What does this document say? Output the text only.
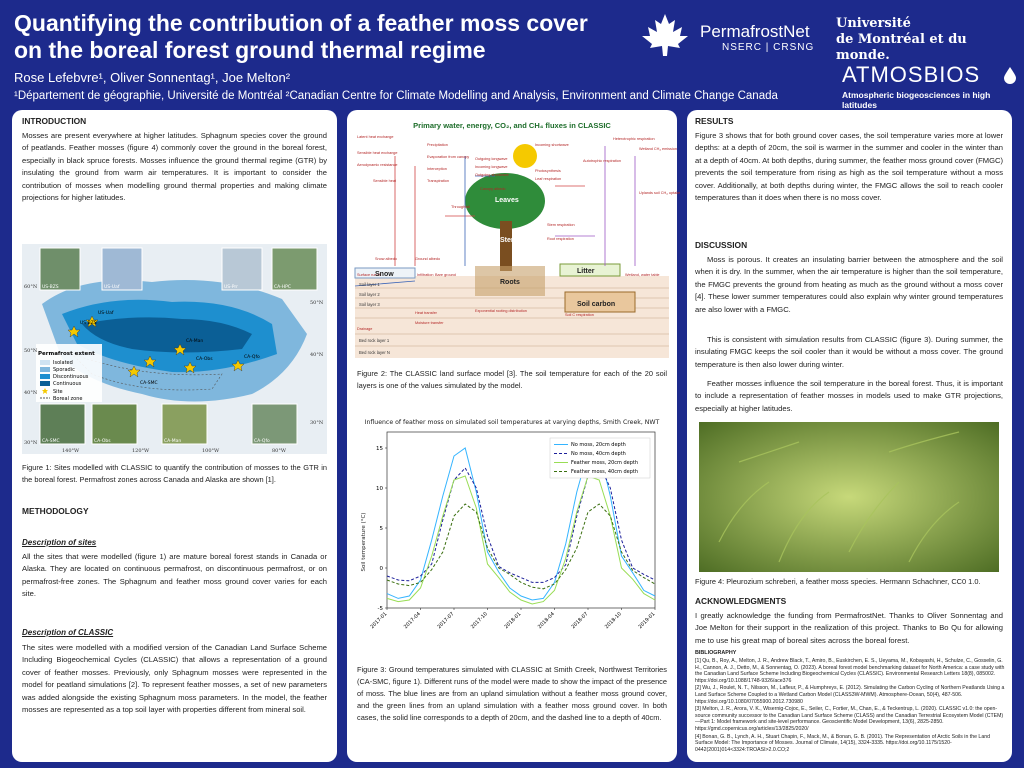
Quantifying the contribution of a feather moss cover
on the boreal forest ground thermal regime
Rose Lefebvre¹, Oliver Sonnentag¹, Joe Melton²
¹Département de géographie, Université de Montréal ²Canadian Centre for Climate Modelling and Analysis, Environment and Climate Change Canada
PermafrostNet
NSERC | CRSNG
Université
de Montréal et du monde.
ATMOSBIOS
Atmospheric biogeosciences in high latitudes
INTRODUCTION
Mosses are present everywhere at higher latitudes. Sphagnum species cover the ground of peatlands. Feather mosses (figure 4) commonly cover the ground in the boreal forest, especially in black spruce forests. Mosses influence the ground thermal regime (GTR) by insulating the ground from warm air temperatures. It is important to consider the contribution of mosses when modelling ground thermal properties and making climate projections for higher latitudes.
Permafrost extent
Isolated
Sporadic
Discontinuous
Continuous
Site
Boreal zone
60°N
50°N
40°N
30°N
50°N
40°N
30°N
140°W	120°W	100°W	80°W
US-BZS
US-Uaf
CA-Man
CA-Obs	CA-Qfo
CA-SMC
US-BZS	US-Uaf	US-Prr	CA-HPC
CA-SMC	CA-Obs	CA-Man	CA-Qfo
Figure 1: Sites modelled with CLASSIC to quantify the contribution of mosses to the GTR in the boreal forest. Permafrost zones across Canada and Alaska are shown [1].
METHODOLOGY
Description of sites
All the sites that were modelled (figure 1) are mature boreal forest stands in Canada or Alaska. They are located on continuous permafrost, on discontinuous permafrost, or on permafrost-free zones. The Sphagnum and feather moss ground cover varies for each site.
Description of CLASSIC
The sites were modelled with a modified version of the Canadian Land Surface Scheme Including Biogeochemical Cycles (CLASSIC) that allows a representation of a ground cover of feather mosses. Previously, only Sphagnum mosses were represented in the model for peatland simulations [2]. To represent feather mosses, a set of new parameters was added alongside the existing Sphagnum moss parameters. In the model, the feather mosses are represented as a top soil layer with properties different from mineral soil.
Primary water, energy, CO₂, and CH₄ fluxes in CLASSIC
Latent heat exchange
Sensible heat exchange
Aerodynamic resistance
Precipitation
Evaporation from canopy
Interception
Transpiration
Canopy albedo
Sensible heat
Outgoing longwave
Incoming longwave
Outgoing shortwave
Incoming shortwave
Photosynthesis
Leaf respiration
Autotrophic respiration
Heterotrophic respiration
Wetland CH₄ emission
Uplands soil CH₄ uptake
Stem respiration
Root respiration
Ground albedo
Snow albedo
Throughfall
Surface runoff	Infiltration Bare ground
Soil C respiration
Wetland, water table
Heat transfer
Moisture transfer
Exponential rooting distribution
Drainage
Soil layer 1
Soil layer 2
Soil layer 3
Bed rock layer 1
Bed rock layer N
Leaves
Stem
Roots
Snow	Litter
Soil carbon
Figure 2: The CLASSIC land surface model [3]. The soil temperature for each of the 20 soil layers is one of the values simulated by the model.
Influence of feather moss on simulated soil temperatures at varying depths, Smith Creek, NWT
Soil temperature (°C)
-5
0
5
10
15
2017-01	2017-04	2017-07	2017-10	2018-01	2018-04	2018-07	2018-10	2019-01
No moss, 20cm depth
No moss, 40cm depth
Feather moss, 20cm depth
Feather moss, 40cm depth
Figure 3: Ground temperatures simulated with CLASSIC at Smith Creek, Northwest Territories (CA-SMC, figure 1). Different runs of the model were made to show the impact of the presence of moss. The blue lines are from an upland simulation without a feather moss ground cover, and the green lines from an upland simulation with a feather moss ground cover. In both cases, the solid line corresponds to a depth of 20cm, and the dashed line to a depth of 40cm.
RESULTS
Figure 3 shows that for both ground cover cases, the soil temperature varies more at lower depths: at a depth of 20cm, the soil is warmer in the summer and cooler in the winter than at a depth of 40cm. At both depths, during summer, the feather moss ground cover (FMGC) prevents the soil temperature from rising as high as the soil temperature without a moss cover. Additionally, at both depths during winter, the FMGC allows the soil to reach cooler temperatures than it does when there is no moss cover.
DISCUSSION
Moss is porous. It creates an insulating barrier between the atmosphere and the soil when it is dry. In the summer, when the air temperature is higher than the soil temperature, the FMGC prevents the ground from heating as much as the ground without a moss cover [4]. These lower summer temperatures could also explain why winter ground temperatures are also lower with a FMGC.
This is consistent with simulation results from CLASSIC (figure 3). During summer, the insulating FMGC keeps the soil cooler than it would be without a moss cover. The ground temperature is then also lower during winter.
Feather mosses influence the soil temperature in the boreal forest. Thus, it is important to include a representation of feather mosses in models used to make GTR projections, especially at higher latitudes.
Figure 4: Pleurozium schreberi, a feather moss species. Hermann Schachner, CC0 1.0.
ACKNOWLEDGMENTS
I greatly acknowledge the funding from PermafrostNet. Thanks to Oliver Sonnentag and Joe Melton for their support in the realization of this project. Thanks to Bo Qu for allowing me to use his great map of boreal sites across the boreal forest.
BIBLIOGRAPHY
[1] Qu, B., Roy, A., Melton, J. R., Andrew Black, T., Amiro, B., Euskirchen, E. S., Ueyama, M., Kobayashi, H., Schulze, C., Gosselin, G. H., Cannon, A. J., Detto, M., & Sonnentag, O. (2023). A boreal forest model benchmarking dataset for North America: a case study with the Canadian Land Surface Scheme Including Biogeochemical Cycles (CLASSIC). Environmental Research Letters 18(8), 085002. https://doi.org/10.1088/1748-9326/ace376
[2] Wu, J., Roulet, N. T., Nilsson, M., Lafleur, P., & Humphreys, E. (2012). Simulating the Carbon Cycling of Northern Peatlands Using a Land Surface Scheme Coupled to a Wetland Carbon Model (CLASS3W-MWM). Atmosphere-Ocean, 50(4), 487-506. https://doi.org/10.1080/07055900.2012.730980
[3] Melton, J. R., Arora, V. K., Wisernig-Cojoc, E., Seiler, C., Fortier, M., Chan, E., & Teckentrup, L. (2020). CLASSIC v1.0: the open-source community successor to the Canadian Land Surface Scheme (CLASS) and the Canadian Terrestrial Ecosystem Model (CTEM)—Part 1: Model framework and site-level performance. Geoscientific Model Development, 13(6), 2825-2850. https://gmd.copernicus.org/articles/13/2825/2020/
[4] Bonan, G. B., Lynch, A. H., Stuart Chapin, F., Mack, M., & Bonan, G. B. (2001). The Representation of Arctic Soils in the Land Surface Model: The Importance of Mosses. Journal of Climate, 14(15), 3324-3335. https://doi.org/10.1175/1520-0442(2001)014<3324:TROASI>2.0.CO;2
